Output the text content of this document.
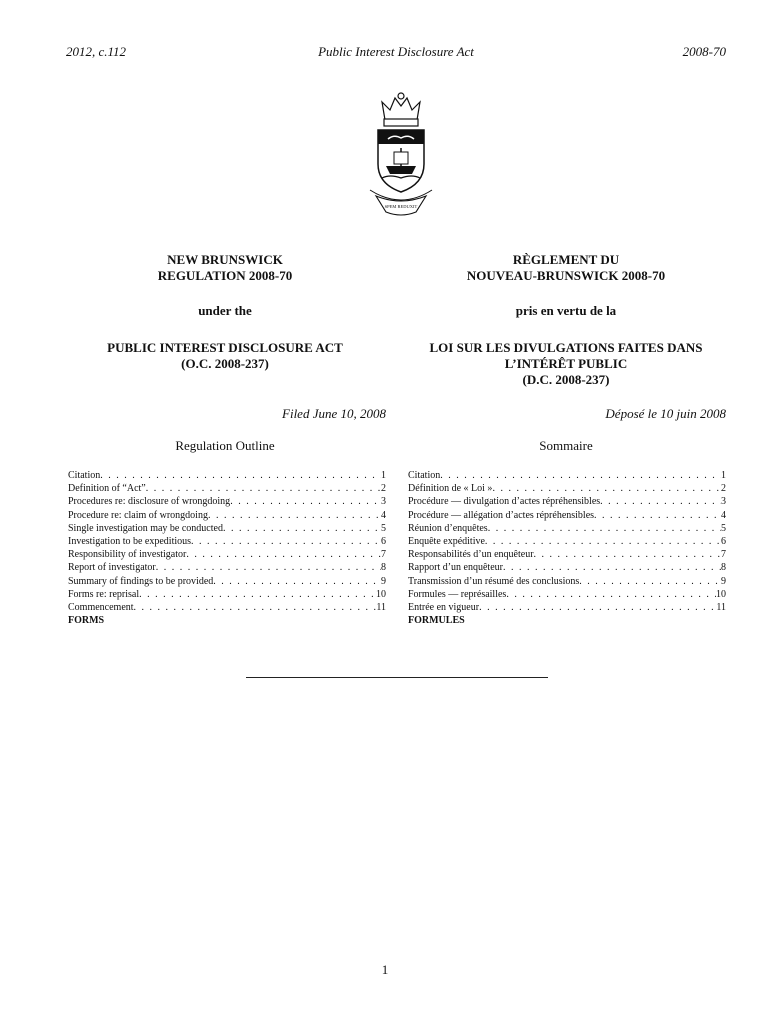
2012, c.112	Public Interest Disclosure Act	2008-70
SPEM REDUXIT
NEW BRUNSWICK
REGULATION 2008-70
under the
PUBLIC INTEREST DISCLOSURE ACT
(O.C. 2008-237)
RÈGLEMENT DU
NOUVEAU-BRUNSWICK 2008-70
pris en vertu de la
LOI SUR LES DIVULGATIONS FAITES DANS
L’INTÉRÊT PUBLIC
(D.C. 2008-237)
Filed June 10, 2008	Déposé le 10 juin 2008
Regulation Outline	Sommaire
Citation . . .	1
Definition of “Act” . . .	2
Procedures re: disclosure of wrongdoing . . .	3
Procedure re: claim of wrongdoing . . .	4
Single investigation may be conducted . . .	5
Investigation to be expeditious . . .	6
Responsibility of investigator . . .	7
Report of investigator . . .	8
Summary of findings to be provided . . .	9
Forms re: reprisal . . .	10
Commencement . . .	11
FORMS
Citation . . .	1
Définition de « Loi » . . .	2
Procédure — divulgation d’actes répréhensibles . . .	3
Procédure — allégation d’actes répréhensibles . . .	4
Réunion d’enquêtes . . .	5
Enquête expéditive . . .	6
Responsabilités d’un enquêteur . . .	7
Rapport d’un enquêteur . . .	8
Transmission d’un résumé des conclusions . . .	9
Formules — représailles . . .	10
Entrée en vigueur . . .	11
FORMULES
1
